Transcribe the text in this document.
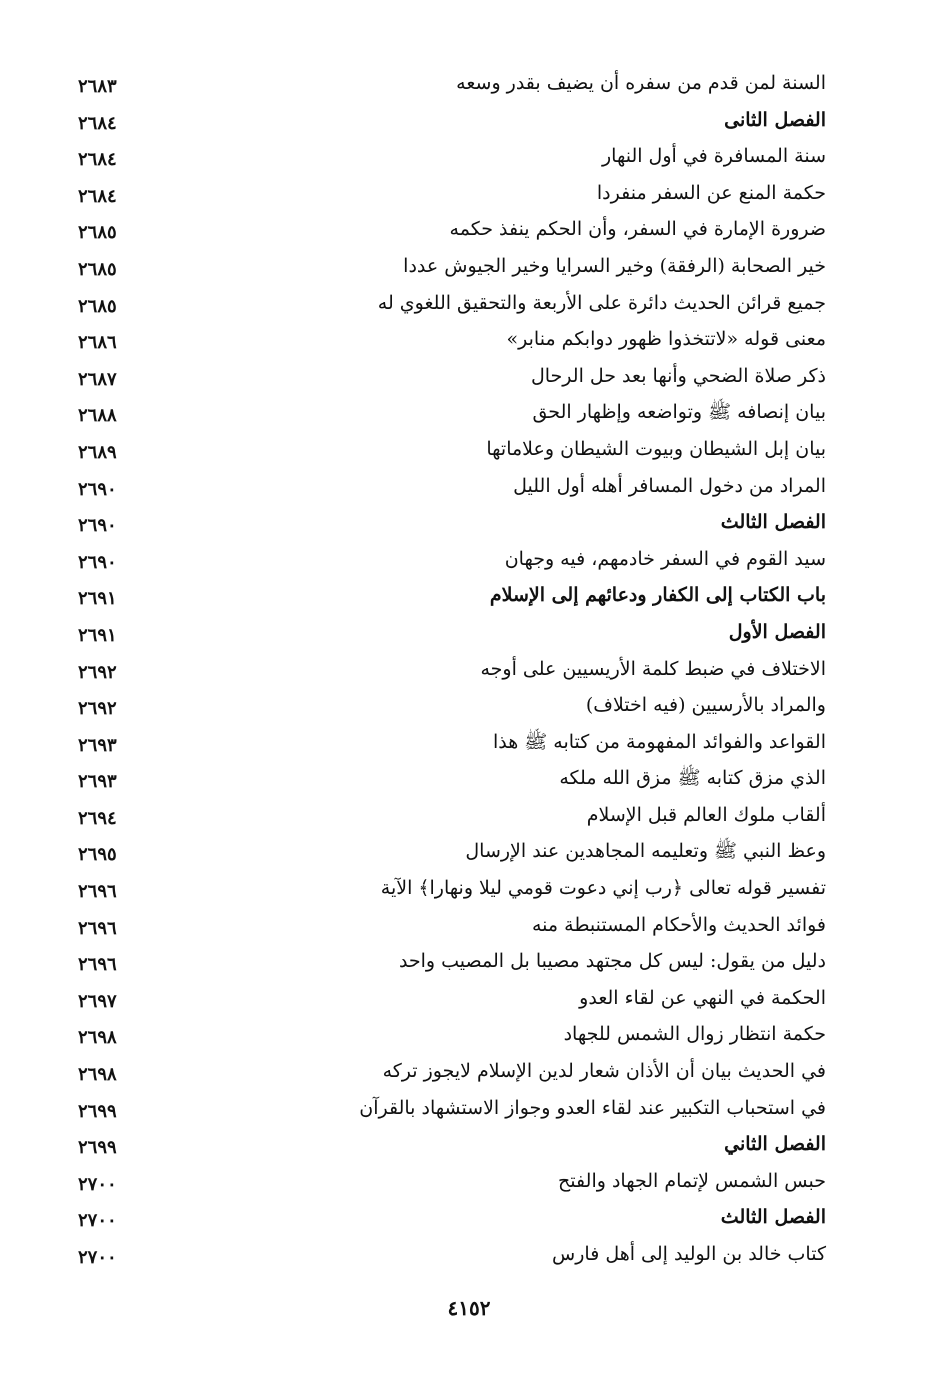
السنة لمن قدم من سفره أن يضيف بقدر وسعه
٢٦٨٣
الفصل الثانى
٢٦٨٤
سنة المسافرة في أول النهار
٢٦٨٤
حكمة المنع عن السفر منفردا
٢٦٨٤
ضرورة الإمارة في السفر، وأن الحكم ينفذ حكمه
٢٦٨٥
خير الصحابة (الرفقة) وخير السرايا وخير الجيوش عددا
٢٦٨٥
جميع قرائن الحديث دائرة على الأربعة والتحقيق اللغوي له
٢٦٨٥
معنى قوله «لاتتخذوا ظهور دوابكم منابر»
٢٦٨٦
ذكر صلاة الضحي وأنها بعد حل الرحال
٢٦٨٧
بيان إنصافه ﷺ وتواضعه وإظهار الحق
٢٦٨٨
بيان إبل الشيطان وبيوت الشيطان وعلاماتها
٢٦٨٩
المراد من دخول المسافر أهله أول الليل
٢٦٩٠
الفصل الثالث
٢٦٩٠
سيد القوم في السفر خادمهم، فيه وجهان
٢٦٩٠
باب الكتاب إلى الكفار ودعائهم إلى الإسلام
٢٦٩١
الفصل الأول
٢٦٩١
الاختلاف في ضبط كلمة الأريسيين على أوجه
٢٦٩٢
والمراد بالأرسيين (فيه اختلاف)
٢٦٩٢
القواعد والفوائد المفهومة من كتابه ﷺ هذا
٢٦٩٣
الذي مزق كتابه ﷺ مزق الله ملكه
٢٦٩٣
ألقاب ملوك العالم قبل الإسلام
٢٦٩٤
وعظ النبي ﷺ وتعليمه المجاهدين عند الإرسال
٢٦٩٥
تفسير قوله تعالى ﴿رب إني دعوت قومي ليلا ونهارا﴾ الآية
٢٦٩٦
فوائد الحديث والأحكام المستنبطة منه
٢٦٩٦
دليل من يقول: ليس كل مجتهد مصيبا بل المصيب واحد
٢٦٩٦
الحكمة في النهي عن لقاء العدو
٢٦٩٧
حكمة انتظار زوال الشمس للجهاد
٢٦٩٨
في الحديث بيان أن الأذان شعار لدين الإسلام لايجوز تركه
٢٦٩٨
في استحباب التكبير عند لقاء العدو وجواز الاستشهاد بالقرآن
٢٦٩٩
الفصل الثاني
٢٦٩٩
حبس الشمس لإتمام الجهاد والفتح
٢٧٠٠
الفصل الثالث
٢٧٠٠
كتاب خالد بن الوليد إلى أهل فارس
٢٧٠٠
٤١٥٢
